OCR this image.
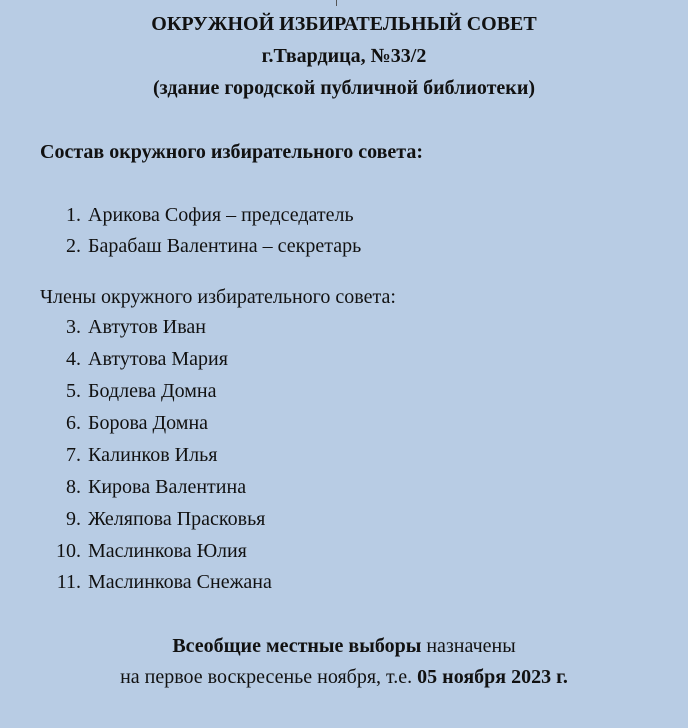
ОКРУЖНОЙ ИЗБИРАТЕЛЬНЫЙ СОВЕТ
г.Твардица, №33/2
(здание городской публичной библиотеки)
Состав окружного избирательного совета:
1. Арикова София – председатель
2. Барабаш Валентина – секретарь
Члены окружного избирательного совета:
3. Автутов Иван
4. Автутова Мария
5. Бодлева Домна
6. Борова Домна
7. Калинков Илья
8. Кирова Валентина
9. Желяпова Прасковья
10. Маслинкова Юлия
11. Маслинкова Снежана
Всеобщие местные выборы назначены
на первое воскресенье ноября, т.е. 05 ноября 2023 г.
